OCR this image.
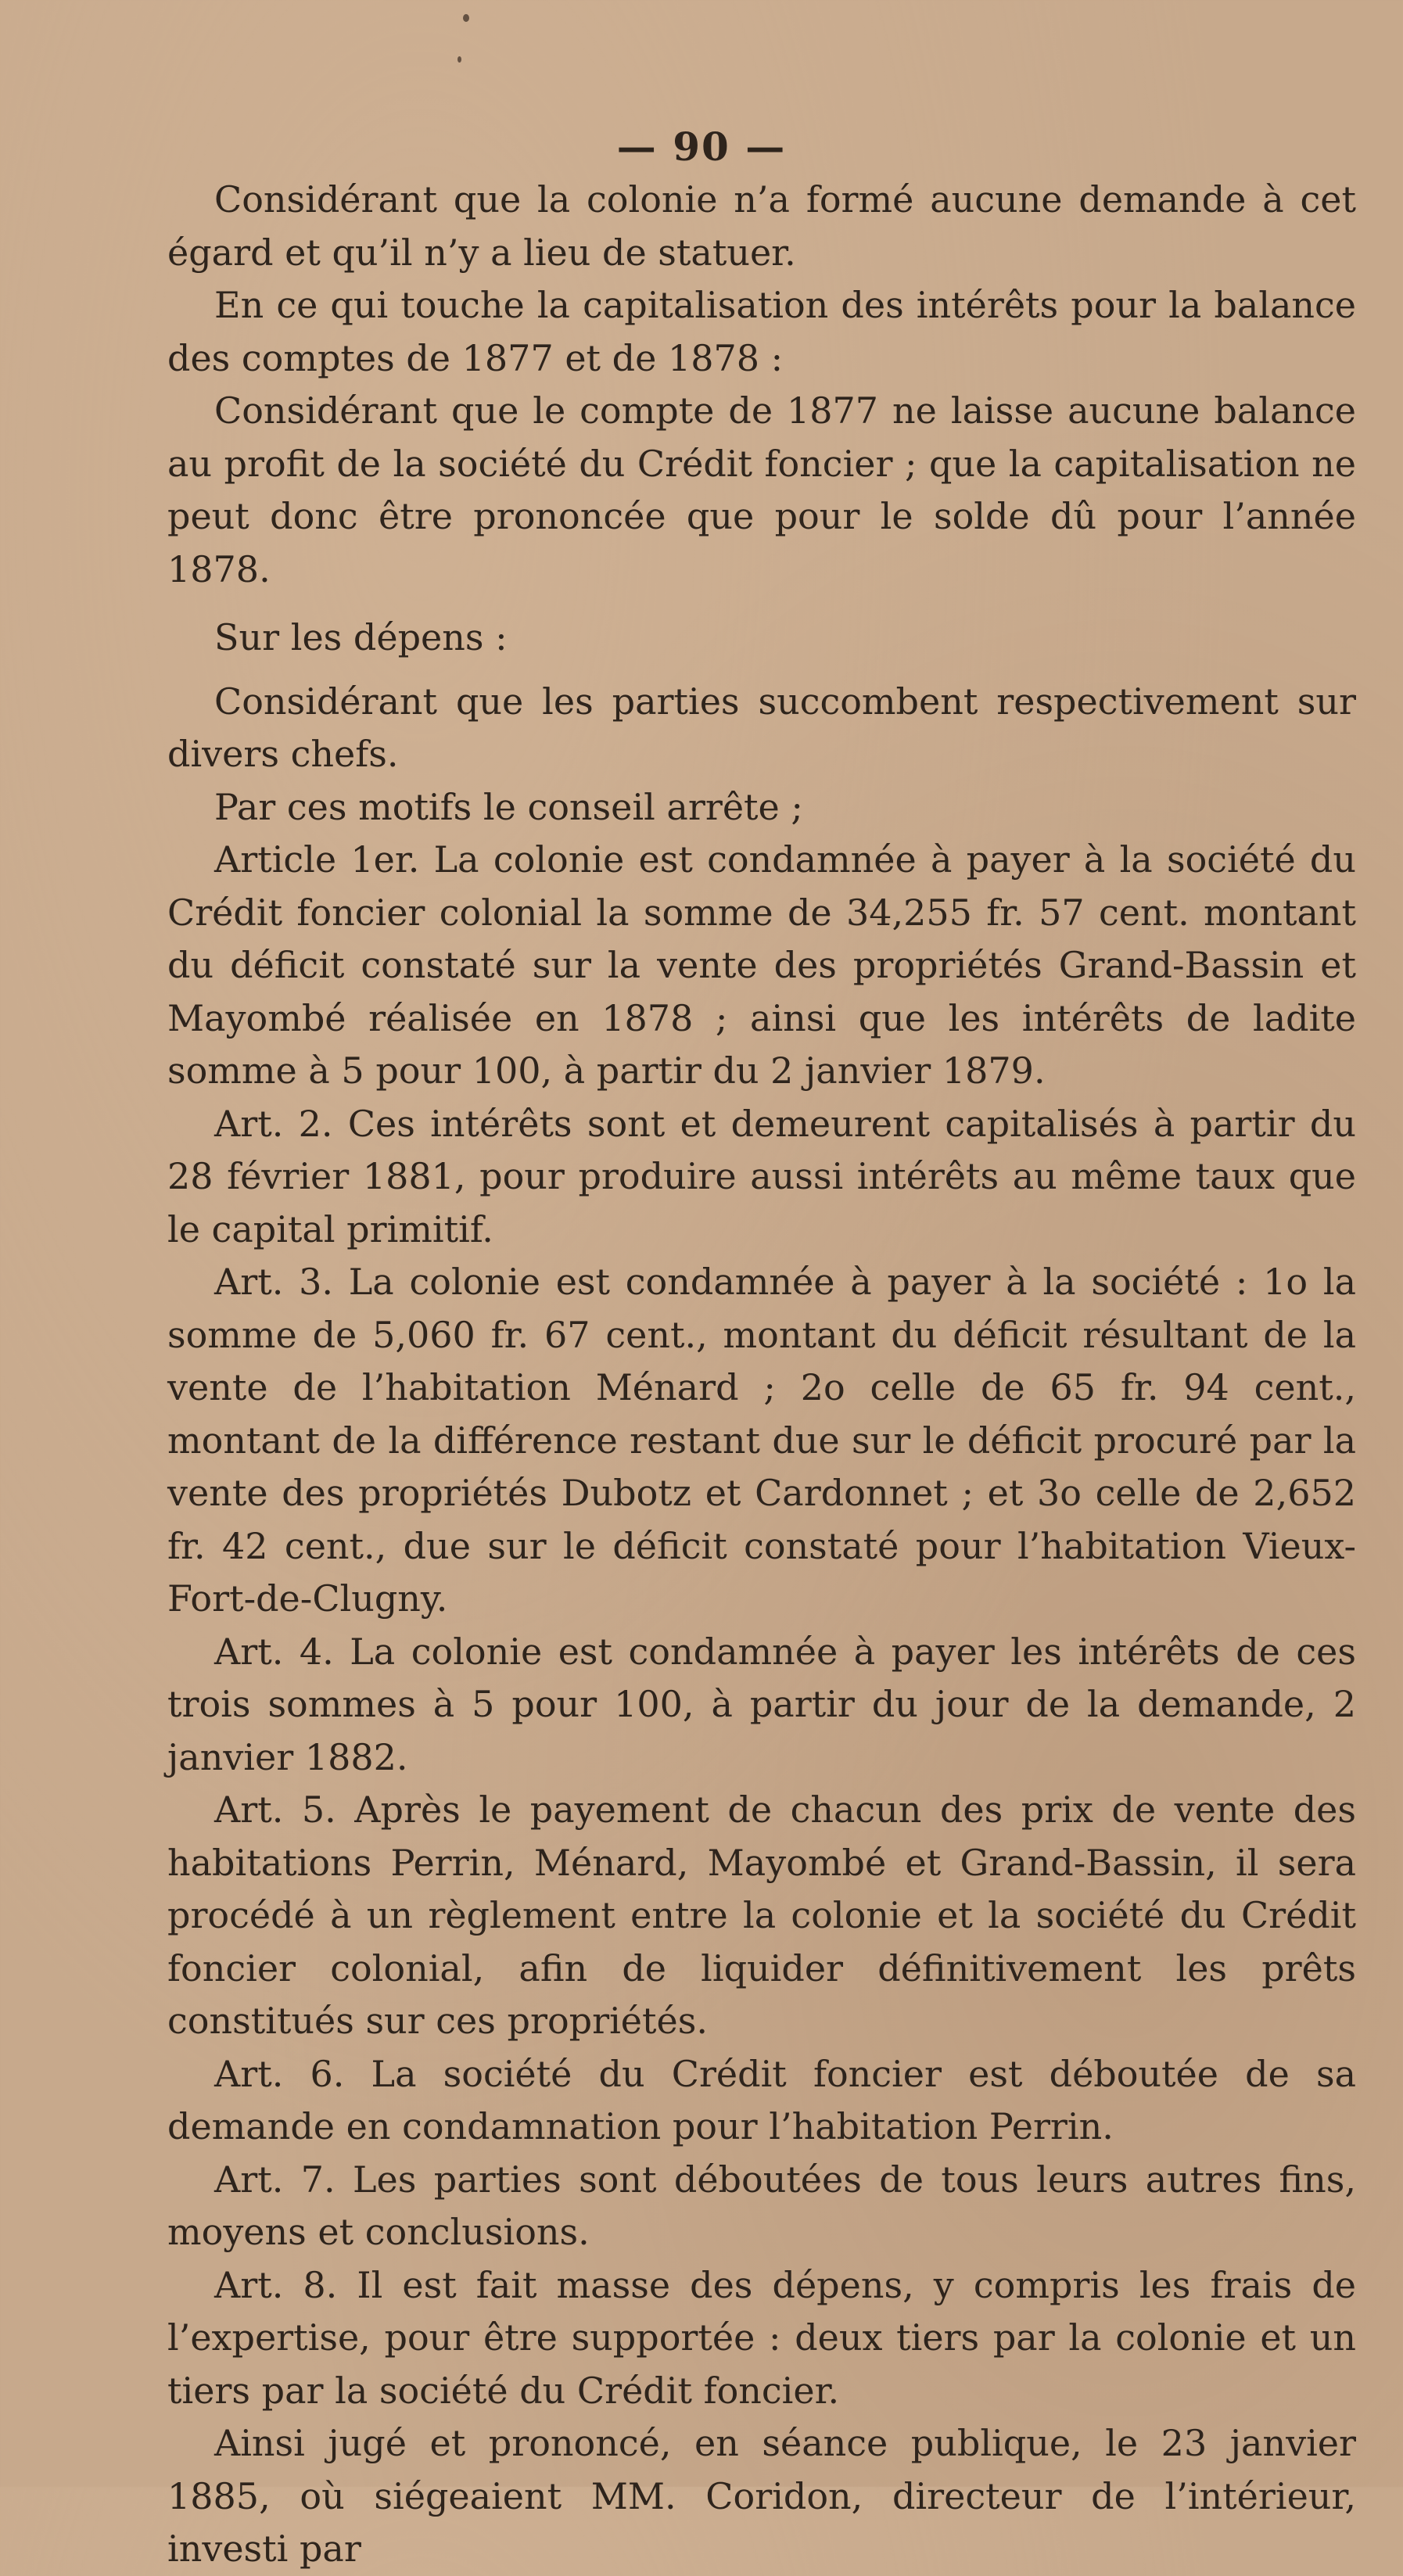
— 90 —

Considérant que la colonie n’a formé aucune demande à cet égard et qu’il n’y a lieu de statuer.

En ce qui touche la capitalisation des intérêts pour la balance des comptes de 1877 et de 1878 :

Considérant que le compte de 1877 ne laisse aucune balance au profit de la société du Crédit foncier ; que la capitalisation ne peut donc être prononcée que pour le solde dû pour l’année 1878.

Sur les dépens :

Considérant que les parties succombent respectivement sur divers chefs.

Par ces motifs le conseil arrête ;

Article 1er. La colonie est condamnée à payer à la société du Crédit foncier colonial la somme de 34,255 fr. 57 cent. montant du déficit constaté sur la vente des propriétés Grand-Bassin et Mayombé réalisée en 1878 ; ainsi que les intérêts de ladite somme à 5 pour 100, à partir du 2 janvier 1879.

Art. 2. Ces intérêts sont et demeurent capitalisés à partir du 28 février 1881, pour produire aussi intérêts au même taux que le capital primitif.

Art. 3. La colonie est condamnée à payer à la société : 1o la somme de 5,060 fr. 67 cent., montant du déficit résultant de la vente de l’habitation Ménard ; 2o celle de 65 fr. 94 cent., montant de la différence restant due sur le déficit procuré par la vente des propriétés Dubotz et Cardonnet ; et 3o celle de 2,652 fr. 42 cent., due sur le déficit constaté pour l’habitation Vieux-Fort-de-Clugny.

Art. 4. La colonie est condamnée à payer les intérêts de ces trois sommes à 5 pour 100, à partir du jour de la demande, 2 janvier 1882.

Art. 5. Après le payement de chacun des prix de vente des habitations Perrin, Ménard, Mayombé et Grand-Bassin, il sera procédé à un règlement entre la colonie et la société du Crédit foncier colonial, afin de liquider définitivement les prêts constitués sur ces propriétés.

Art. 6. La société du Crédit foncier est déboutée de sa demande en condamnation pour l’habitation Perrin.

Art. 7. Les parties sont déboutées de tous leurs autres fins, moyens et conclusions.

Art. 8. Il est fait masse des dépens, y compris les frais de l’expertise, pour être supportée : deux tiers par la colonie et un tiers par la société du Crédit foncier.

Ainsi jugé et prononcé, en séance publique, le 23 janvier 1885, où siégeaient MM. Coridon, directeur de l’intérieur, investi par
